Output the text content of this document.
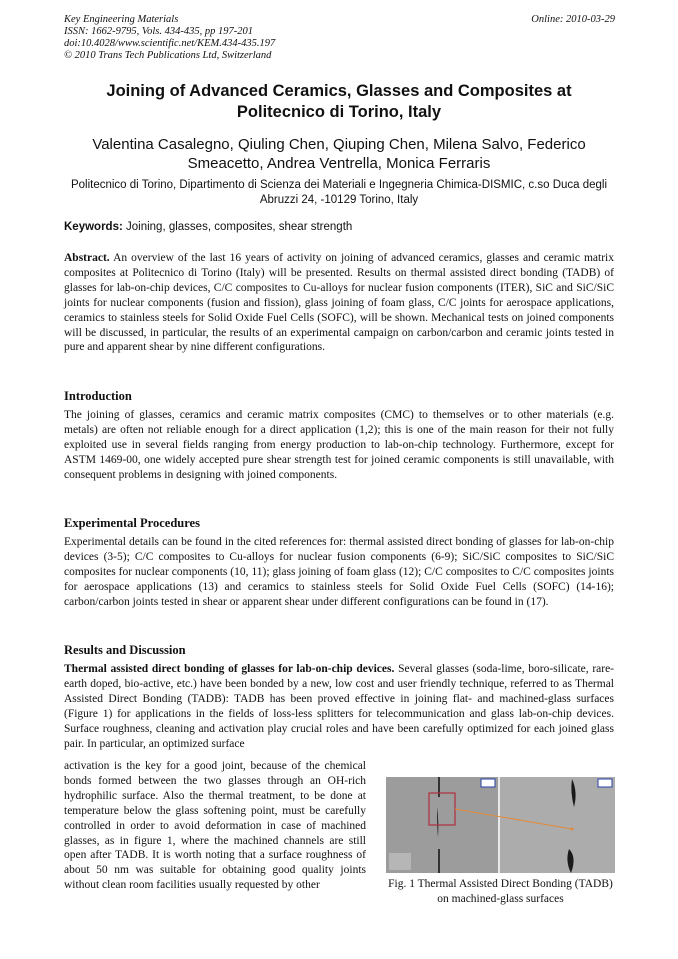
Key Engineering Materials
ISSN: 1662-9795, Vols. 434-435, pp 197-201
doi:10.4028/www.scientific.net/KEM.434-435.197
© 2010 Trans Tech Publications Ltd, Switzerland
Online: 2010-03-29
Joining of Advanced Ceramics, Glasses and Composites at Politecnico di Torino, Italy
Valentina Casalegno, Qiuling Chen, Qiuping Chen, Milena Salvo, Federico Smeacetto, Andrea Ventrella, Monica Ferraris
Politecnico di Torino, Dipartimento di Scienza dei Materiali e Ingegneria Chimica-DISMIC, c.so Duca degli Abruzzi 24, -10129 Torino, Italy
Keywords: Joining, glasses, composites, shear strength

Abstract. An overview of the last 16 years of activity on joining of advanced ceramics, glasses and ceramic matrix composites at Politecnico di Torino (Italy) will be presented. Results on thermal assisted direct bonding (TADB) of glasses for lab-on-chip devices, C/C composites to Cu-alloys for nuclear fusion components (ITER), SiC and SiC/SiC joints for nuclear components (fusion and fission), glass joining of foam glass, C/C joints for aerospace applications, ceramics to stainless steels for Solid Oxide Fuel Cells (SOFC), will be shown. Mechanical tests on joined components will be discussed, in particular, the results of an experimental campaign on carbon/carbon and ceramic joints tested in pure and apparent shear by nine different configurations.

Introduction

The joining of glasses, ceramics and ceramic matrix composites (CMC) to themselves or to other materials (e.g. metals) are often not reliable enough for a direct application (1,2); this is one of the main reason for their not fully exploited use in several fields ranging from energy production to lab-on-chip technology. Furthermore, except for ASTM 1469-00, one widely accepted pure shear strength test for joined ceramic components is still unavailable, with consequent problems in designing with joined components.

Experimental Procedures

Experimental details can be found in the cited references for: thermal assisted direct bonding of glasses for lab-on-chip devices (3-5); C/C composites to Cu-alloys for nuclear fusion components (6-9); SiC/SiC composites to SiC/SiC composites for nuclear components (10, 11); glass joining of foam glass (12); C/C composites to C/C composites joints for aerospace applications (13) and ceramics to stainless steels for Solid Oxide Fuel Cells (SOFC) (14-16); carbon/carbon joints tested in shear or apparent shear under different configurations can be found in (17).

Results and Discussion

Thermal assisted direct bonding of glasses for lab-on-chip devices. Several glasses (soda-lime, boro-silicate, rare-earth doped, bio-active, etc.) have been bonded by a new, low cost and user friendly technique, referred to as Thermal Assisted Direct Bonding (TADB): TADB has been proved effective in joining flat- and machined-glass surfaces (Figure 1) for applications in the fields of loss-less splitters for telecommunication and glass lab-on-chip devices. Surface roughness, cleaning and activation play crucial roles and have been carefully optimized for each joined glass pair. In particular, an optimized surface

activation is the key for a good joint, because of the chemical bonds formed between the two glasses through an OH-rich hydrophilic surface. Also the thermal treatment, to be done at temperature below the glass softening point, must be carefully controlled in order to avoid deformation in case of machined glasses, as in figure 1, where the machined channels are still open after TADB. It is worth noting that a surface roughness of about 50 nm was suitable for obtaining good quality joints without clean room facilities usually requested by other	Fig. 1 Thermal Assisted Direct Bonding (TADB) on machined-glass surfaces
